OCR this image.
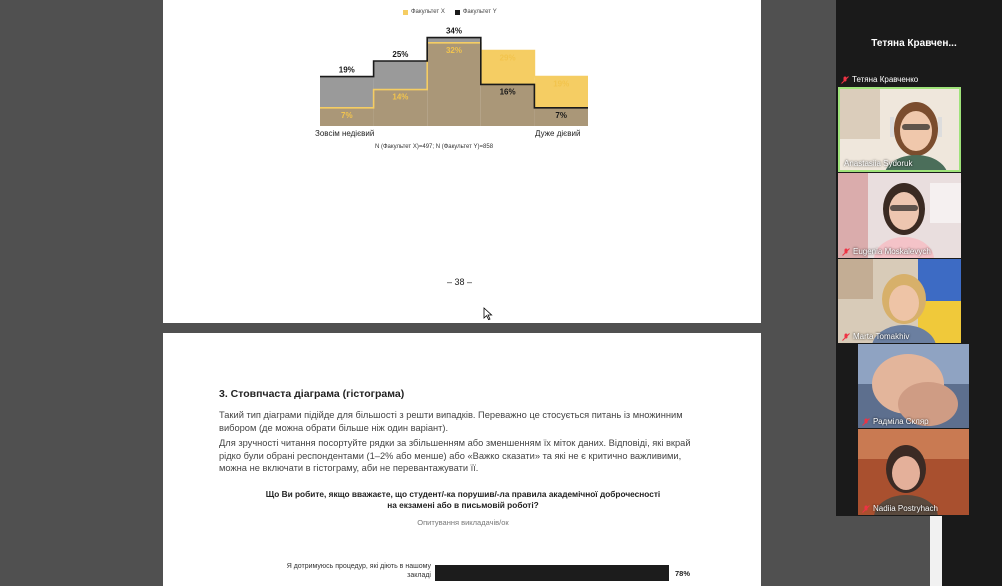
Факультет Х	Факультет Y
19%
7%
25%
14%
34%
32%
16%
29%
7%
19%
Зовсім недієвий	Дуже дієвий
N (Факультет Х)=497; N (Факультет Y)=858
– 38 –
3. Стовпчаста діаграма (гістограма)
Такий тип діаграми підійде для більшості з решти випадків. Переважно це стосується питань із множинним вибором (де можна обрати більше ніж один варіант).
Для зручності читання посортуйте рядки за збільшенням або зменшенням їх міток даних. Відповіді, які вкрай рідко були обрані респондентами (1–2% або менше) або «Важко сказати» та які не є критично важливими, можна не включати в гістограму, аби не перевантажувати її.
Що Ви робите, якщо вважаєте, що студент/-ка порушив/-ла правила академічної доброчесності на екзамені або в письмовій роботі?
Опитування викладачів/ок
Я дотримуюсь процедур, які діють в нашому закладі	78%
Тетяна Кравчен...
Тетяна Кравченко
Anastasiia Sydoruk
Eugenia Moskalevych
Marta Tomakhiv
Радміла Скляр
Nadiia Postryhach
